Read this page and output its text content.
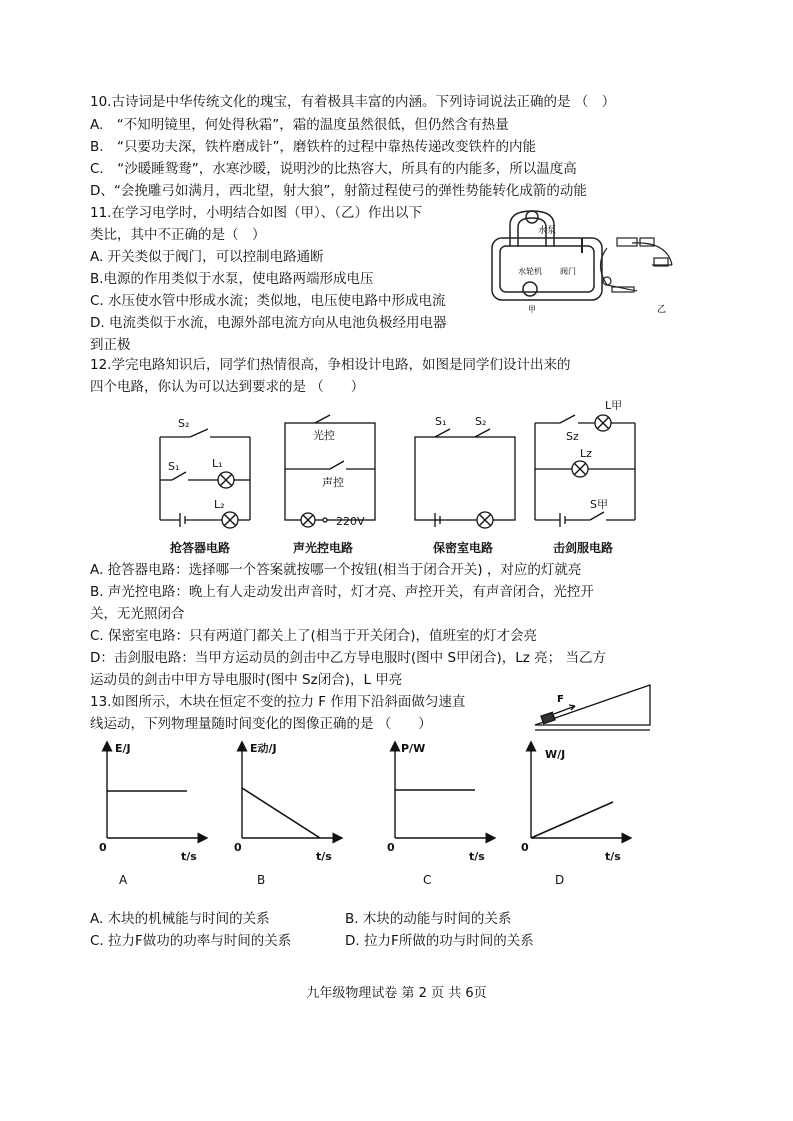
10.古诗词是中华传统文化的瑰宝，有着极具丰富的内涵。下列诗词说法正确的是 （　）
A.　“不知明镜里，何处得秋霜”，霜的温度虽然很低，但仍然含有热量
B.　“只要功夫深，铁杵磨成针”，磨铁杵的过程中靠热传递改变铁杵的内能
C.　“沙暖睡鸳鸯”，水寒沙暖，说明沙的比热容大，所具有的内能多，所以温度高
D、“会挽雕弓如满月，西北望，射大狼”，射箭过程使弓的弹性势能转化成箭的动能
11.在学习电学时，小明结合如图（甲）、（乙）作出以下
类比，其中不正确的是（　）
A. 开关类似于阀门，可以控制电路通断
B.电源的作用类似于水泵，使电路两端形成电压
C. 水压使水管中形成水流；类似地，电压使电路中形成电流
D. 电流类似于水流，电源外部电流方向从电池负极经用电器
到正极
水泵
水轮机 阀门
甲	乙
12.学完电路知识后，同学们热情很高，争相设计电路，如图是同学们设计出来的
四个电路，你认为可以达到要求的是 （　　）
S₂
S₁	L₁
L₂
光控
声控
220V
S₁	S₂
L甲
Sz
Lz
S甲
抢答器电路	声光控电路	保密室电路	击剑服电路
A. 抢答器电路：选择哪一个答案就按哪一个按钮(相当于闭合开关) ，对应的灯就亮
B. 声光控电路：晚上有人走动发出声音时，灯才亮、声控开关，有声音闭合，光控开
关，无光照闭合
C. 保密室电路：只有两道门都关上了(相当于开关闭合)，值班室的灯才会亮
D：击剑服电路：当甲方运动员的剑击中乙方导电服时(图中 S甲闭合)，Lz 亮； 当乙方
运动员的剑击中甲方导电服时(图中 Sz闭合)，L 甲亮
13.如图所示，木块在恒定不变的拉力 F 作用下沿斜面做匀速直
线运动，下列物理量随时间变化的图像正确的是 （　　）
F
E/J
t/s
0
E动/J
t/s
0
P/W
t/s
0
W/J
t/s
0
A	B	C	D
A. 木块的机械能与时间的关系	B. 木块的动能与时间的关系
C. 拉力F做功的功率与时间的关系	D. 拉力F所做的功与时间的关系
九年级物理试卷 第 2 页 共 6页
